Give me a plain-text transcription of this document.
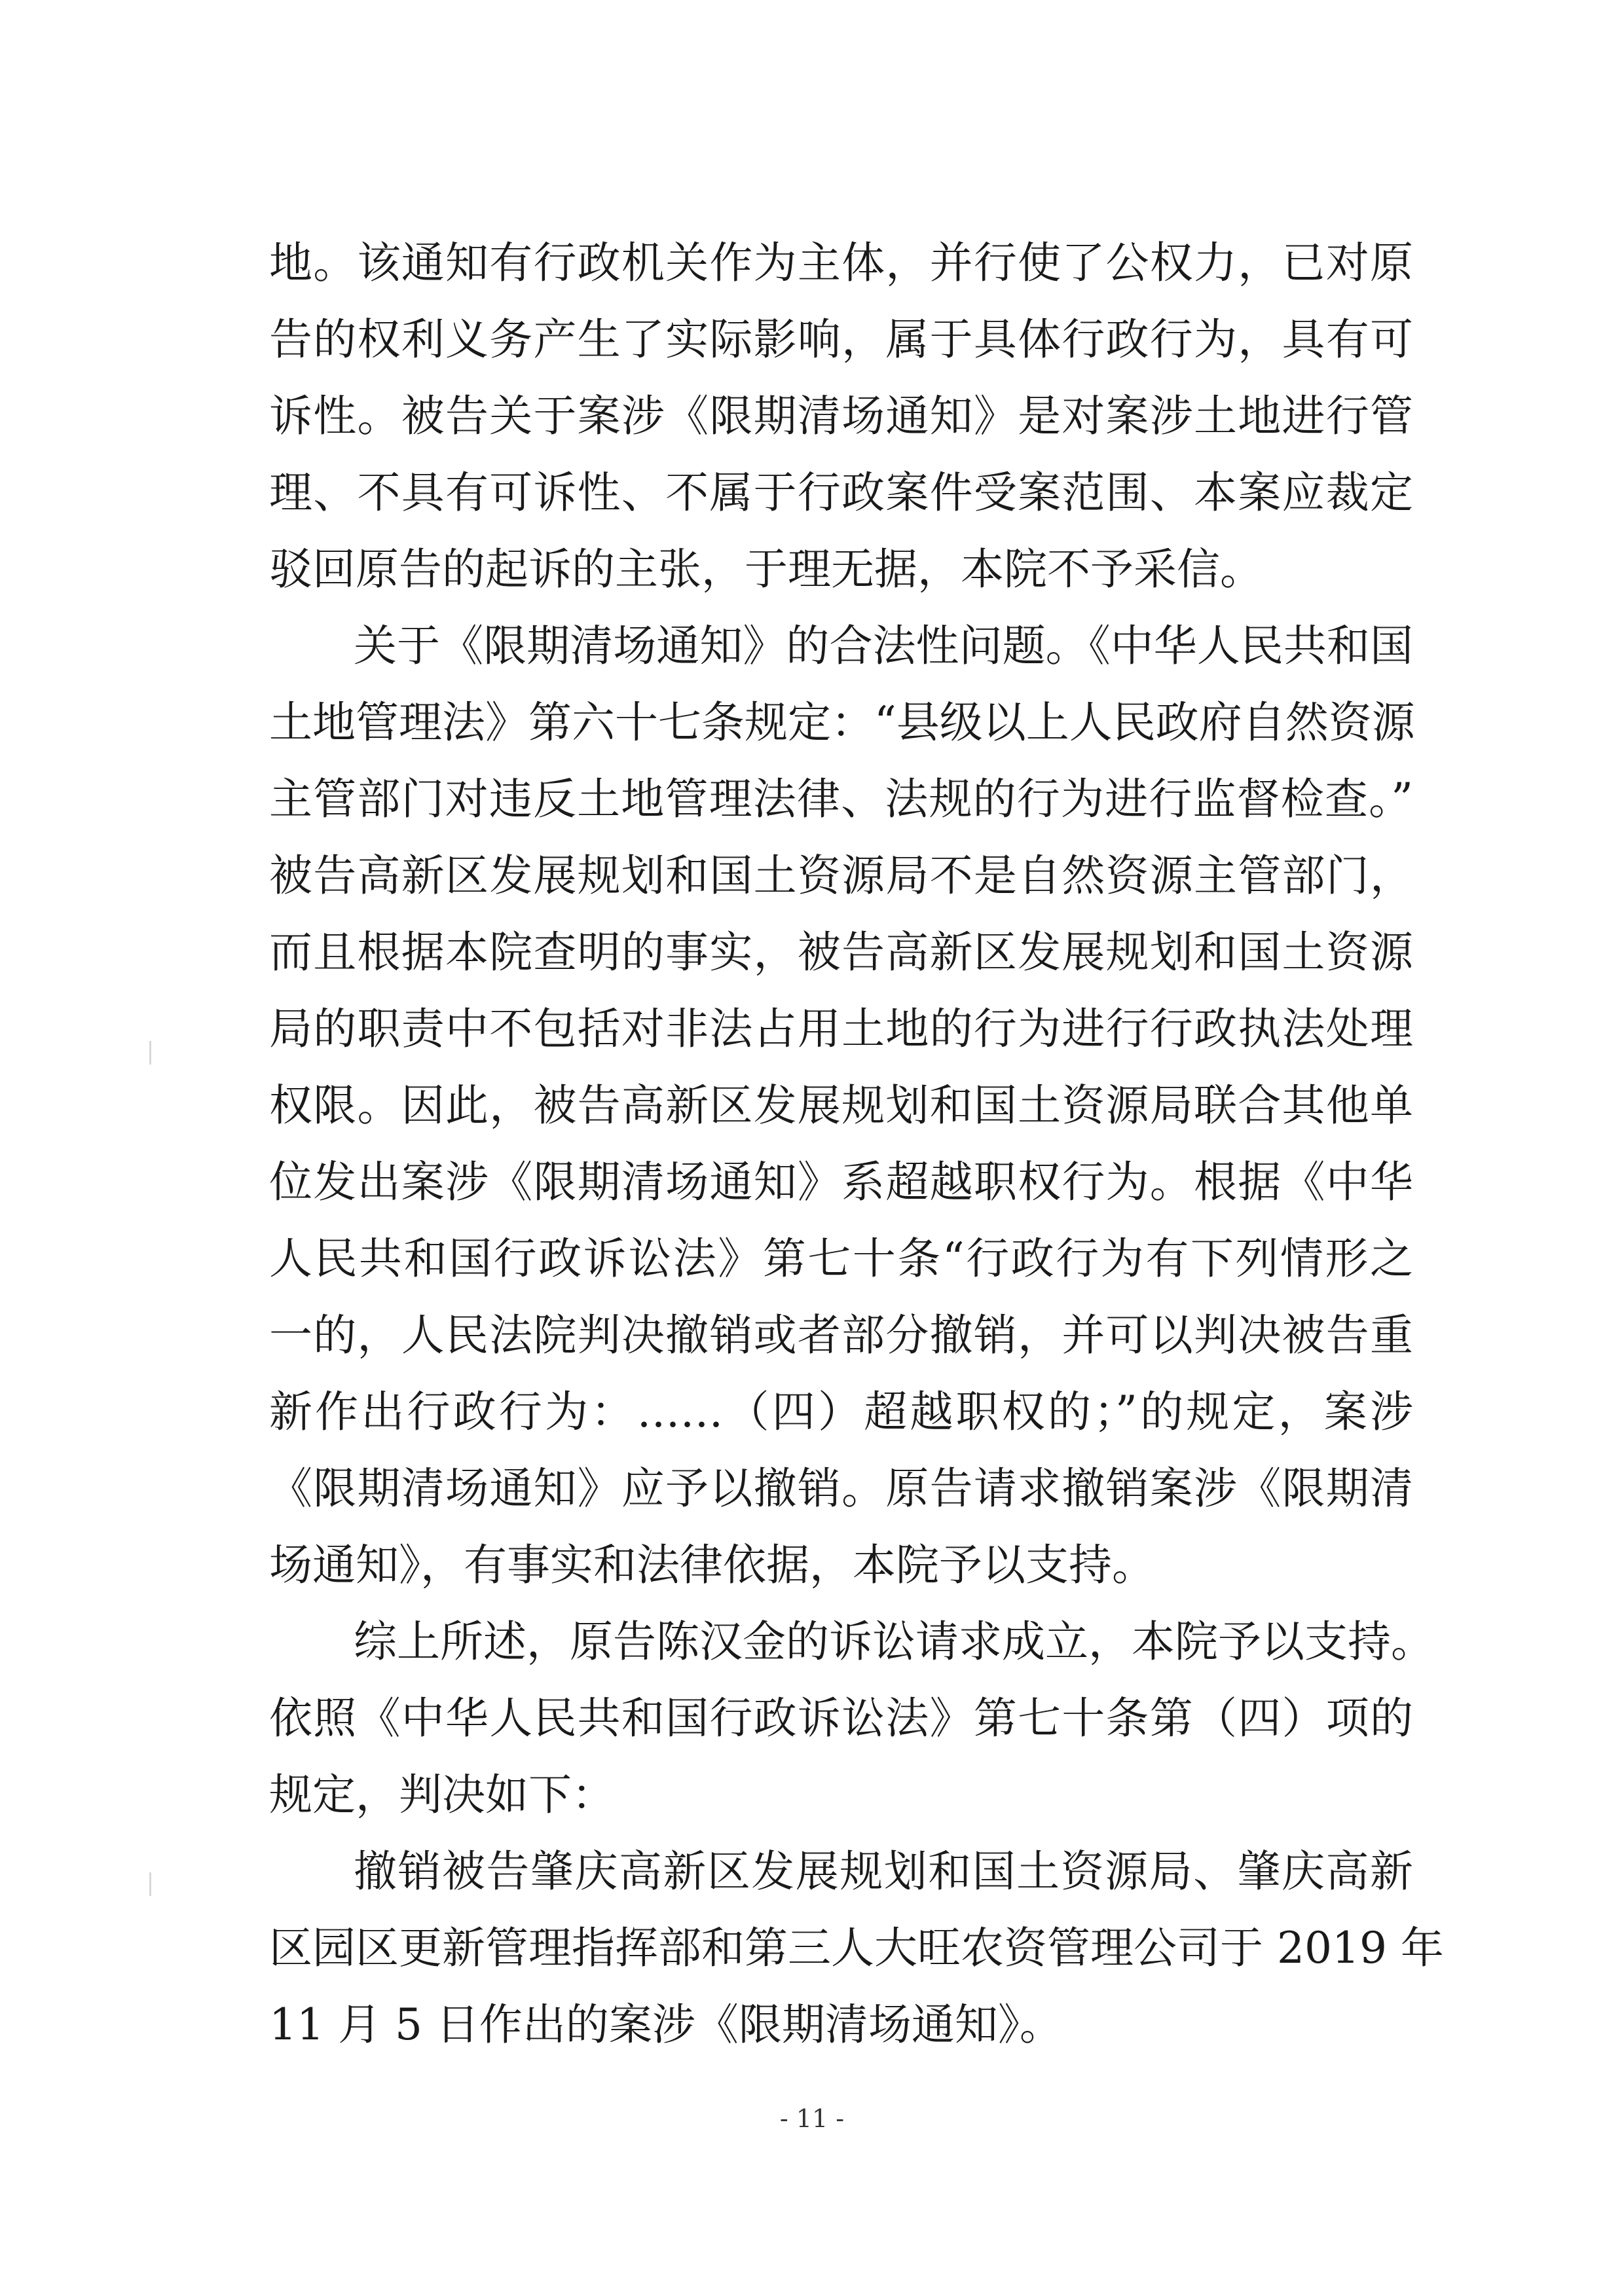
地。该通知有行政机关作为主体，并行使了公权力，已对原
告的权利义务产生了实际影响，属于具体行政行为，具有可
诉性。被告关于案涉《限期清场通知》是对案涉土地进行管
理、不具有可诉性、不属于行政案件受案范围、本案应裁定
驳回原告的起诉的主张，于理无据，本院不予采信。
关于《限期清场通知》的合法性问题。《中华人民共和国
土地管理法》第六十七条规定：“县级以上人民政府自然资源
主管部门对违反土地管理法律、法规的行为进行监督检查。”
被告高新区发展规划和国土资源局不是自然资源主管部门，
而且根据本院查明的事实，被告高新区发展规划和国土资源
局的职责中不包括对非法占用土地的行为进行行政执法处理
权限。因此，被告高新区发展规划和国土资源局联合其他单
位发出案涉《限期清场通知》系超越职权行为。根据《中华
人民共和国行政诉讼法》第七十条“行政行为有下列情形之
一的，人民法院判决撤销或者部分撤销，并可以判决被告重
新作出行政行为：……（四）超越职权的；”的规定，案涉
《限期清场通知》应予以撤销。原告请求撤销案涉《限期清
场通知》，有事实和法律依据，本院予以支持。
综上所述，原告陈汉金的诉讼请求成立，本院予以支持。
依照《中华人民共和国行政诉讼法》第七十条第（四）项的
规定，判决如下：
撤销被告肇庆高新区发展规划和国土资源局、肇庆高新
区园区更新管理指挥部和第三人大旺农资管理公司于 2019 年
11 月 5 日作出的案涉《限期清场通知》。
- 11 -
